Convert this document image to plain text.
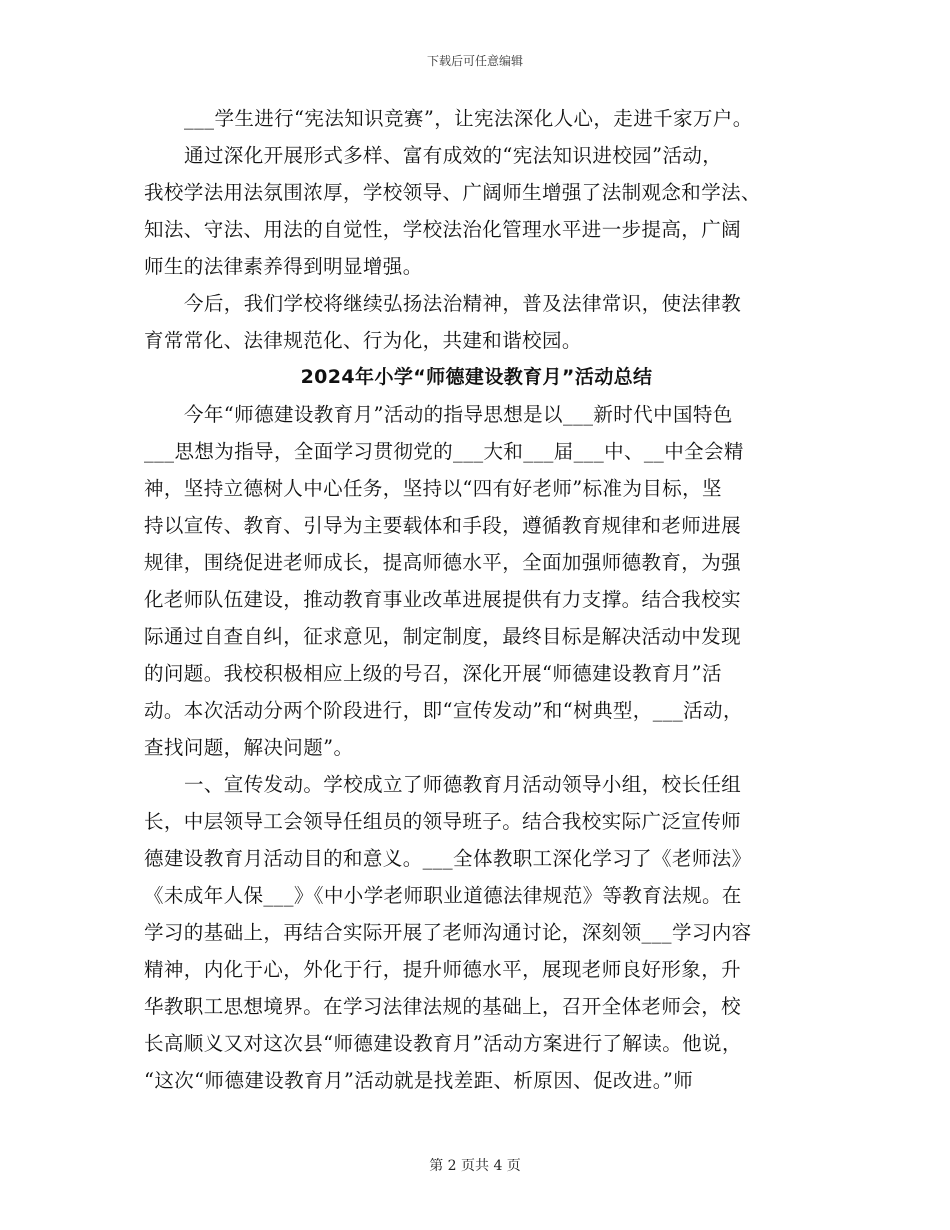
下载后可任意编辑
___学生进行“宪法知识竞赛”，让宪法深化人心，走进千家万户。
通过深化开展形式多样、富有成效的“宪法知识进校园”活动，
我校学法用法氛围浓厚，学校领导、广阔师生增强了法制观念和学法、
知法、守法、用法的自觉性，学校法治化管理水平进一步提高，广阔
师生的法律素养得到明显增强。
今后，我们学校将继续弘扬法治精神，普及法律常识，使法律教
育常常化、法律规范化、行为化，共建和谐校园。
2024年小学“师德建设教育月”活动总结
今年“师德建设教育月”活动的指导思想是以___新时代中国特色
___思想为指导，全面学习贯彻党的___大和___届___中、__中全会精
神，坚持立德树人中心任务，坚持以“四有好老师”标准为目标，坚
持以宣传、教育、引导为主要载体和手段，遵循教育规律和老师进展
规律，围绕促进老师成长，提高师德水平，全面加强师德教育，为强
化老师队伍建设，推动教育事业改革进展提供有力支撑。结合我校实
际通过自查自纠，征求意见，制定制度，最终目标是解决活动中发现
的问题。我校积极相应上级的号召，深化开展“师德建设教育月”活
动。本次活动分两个阶段进行，即“宣传发动”和“树典型，___活动，
查找问题，解决问题”。
一、宣传发动。学校成立了师德教育月活动领导小组，校长任组
长，中层领导工会领导任组员的领导班子。结合我校实际广泛宣传师
德建设教育月活动目的和意义。___全体教职工深化学习了《老师法》
《未成年人保___》《中小学老师职业道德法律规范》等教育法规。在
学习的基础上，再结合实际开展了老师沟通讨论，深刻领___学习内容
精神，内化于心，外化于行，提升师德水平，展现老师良好形象，升
华教职工思想境界。在学习法律法规的基础上，召开全体老师会，校
长高顺义又对这次县“师德建设教育月”活动方案进行了解读。他说，
“这次“师德建设教育月”活动就是找差距、析原因、促改进。”师
第 2 页共 4 页
